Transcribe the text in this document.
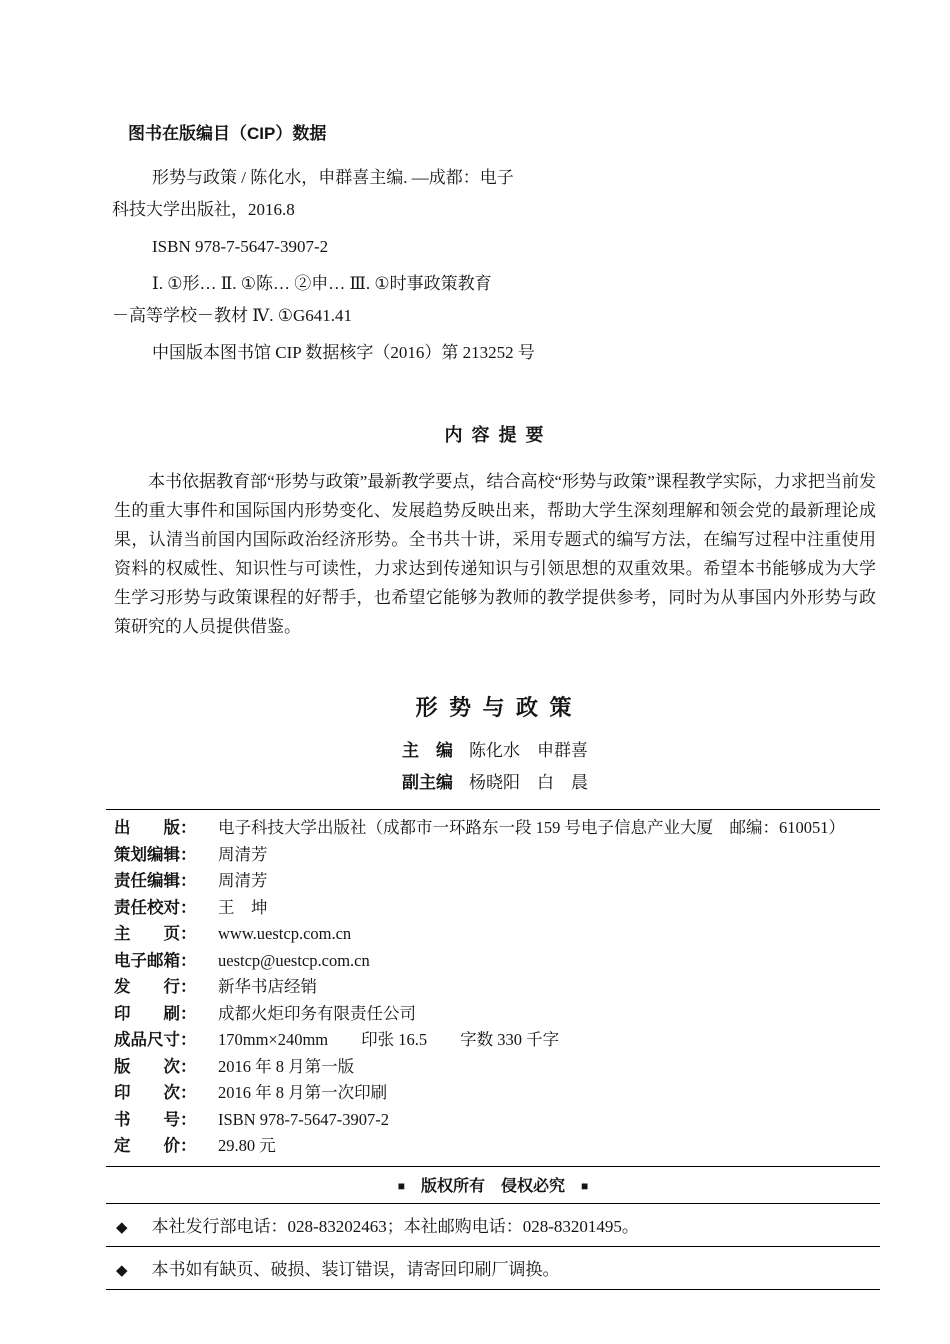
图书在版编目（CIP）数据
形势与政策 / 陈化水，申群喜主编. —成都：电子
科技大学出版社，2016.8
ISBN 978-7-5647-3907-2
Ⅰ. ①形… Ⅱ. ①陈… ②申… Ⅲ. ①时事政策教育
－高等学校－教材 Ⅳ. ①G641.41
中国版本图书馆 CIP 数据核字（2016）第 213252 号
内 容 提 要

本书依据教育部“形势与政策”最新教学要点，结合高校“形势与政策”课程教学实际，力求把当前发生的重大事件和国际国内形势变化、发展趋势反映出来，帮助大学生深刻理解和领会党的最新理论成果，认清当前国内国际政治经济形势。全书共十讲，采用专题式的编写方法，在编写过程中注重使用资料的权威性、知识性与可读性，力求达到传递知识与引领思想的双重效果。希望本书能够成为大学生学习形势与政策课程的好帮手，也希望它能够为教师的教学提供参考，同时为从事国内外形势与政策研究的人员提供借鉴。

形 势 与 政 策
主　编 陈化水　申群喜
副主编 杨晓阳　白　晨
出　　版：	电子科技大学出版社（成都市一环路东一段 159 号电子信息产业大厦　邮编：610051）
策划编辑：	周清芳
责任编辑：	周清芳
责任校对：	王　坤
主　　页：	www.uestcp.com.cn
电子邮箱：	uestcp@uestcp.com.cn
发　　行：	新华书店经销
印　　刷：	成都火炬印务有限责任公司
成品尺寸：	170mm×240mm　　印张 16.5　　字数 330 千字
版　　次：	2016 年 8 月第一版
印　　次：	2016 年 8 月第一次印刷
书　　号：	ISBN 978-7-5647-3907-2
定　　价：	29.80 元
■ 版权所有　侵权必究 ■
◆ 本社发行部电话：028-83202463；本社邮购电话：028-83201495。
◆ 本书如有缺页、破损、装订错误，请寄回印刷厂调换。
